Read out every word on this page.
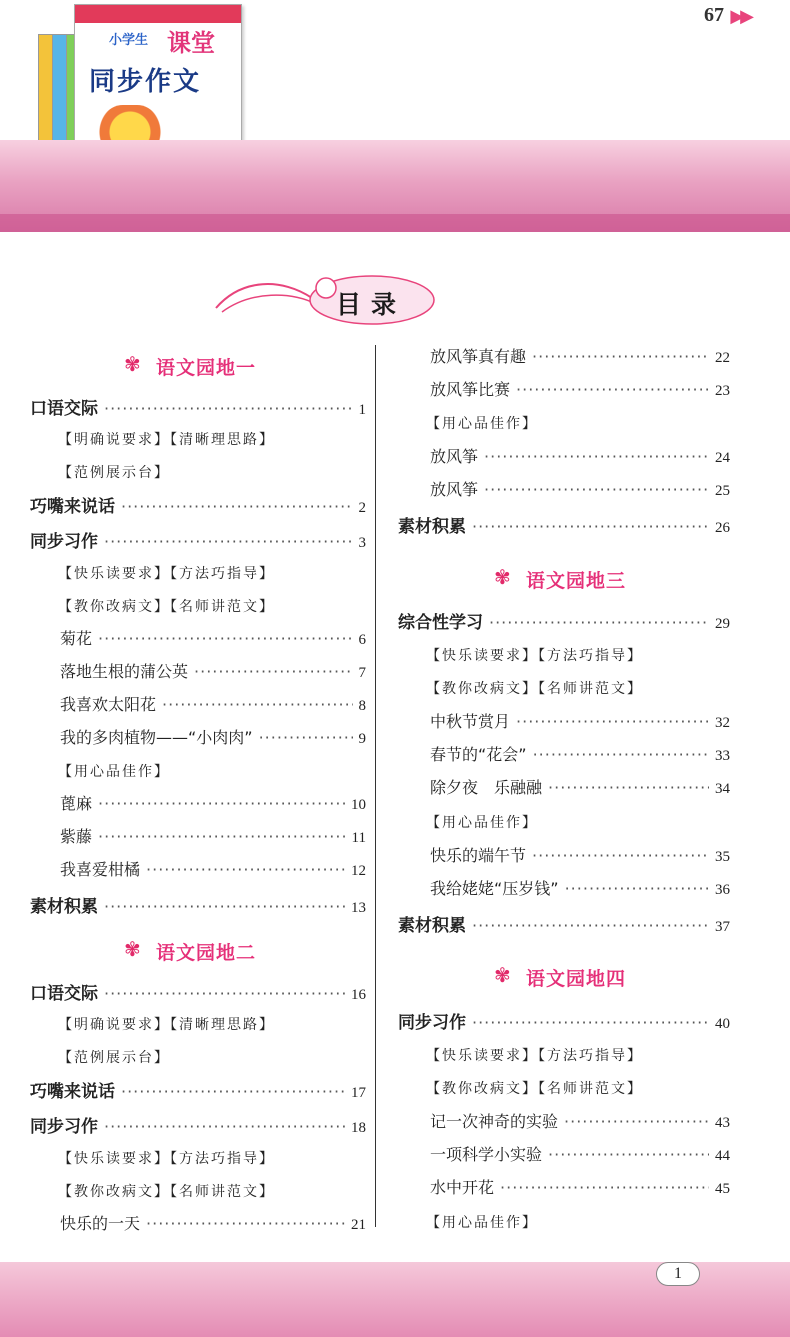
67 ▶▶
小学生 课堂
同步作文
目录
✾ 语文园地一
口语交际 ·····	1
【明确说要求】【清晰理思路】
【范例展示台】
巧嘴来说话 ·····	2
同步习作 ·····	3
【快乐读要求】【方法巧指导】
【教你改病文】【名师讲范文】
菊花 ·····	6
落地生根的蒲公英 ·····	7
我喜欢太阳花 ·····	8
我的多肉植物——“小肉肉” ·····	9
【用心品佳作】
蓖麻 ·····	10
紫藤 ·····	11
我喜爱柑橘 ·····	12
素材积累 ·····	13
✾ 语文园地二
口语交际 ·····	16
【明确说要求】【清晰理思路】
【范例展示台】
巧嘴来说话 ·····	17
同步习作 ·····	18
【快乐读要求】【方法巧指导】
【教你改病文】【名师讲范文】
快乐的一天 ·····	21
放风筝真有趣 ·····	22
放风筝比赛 ·····	23
【用心品佳作】
放风筝 ·····	24
放风筝 ·····	25
素材积累 ·····	26
✾ 语文园地三
综合性学习 ·····	29
【快乐读要求】【方法巧指导】
【教你改病文】【名师讲范文】
中秋节赏月 ·····	32
春节的“花会” ·····	33
除夕夜　乐融融 ·····	34
【用心品佳作】
快乐的端午节 ·····	35
我给姥姥“压岁钱” ·····	36
素材积累 ·····	37
✾ 语文园地四
同步习作 ·····	40
【快乐读要求】【方法巧指导】
【教你改病文】【名师讲范文】
记一次神奇的实验 ·····	43
一项科学小实验 ·····	44
水中开花 ·····	45
【用心品佳作】
1
